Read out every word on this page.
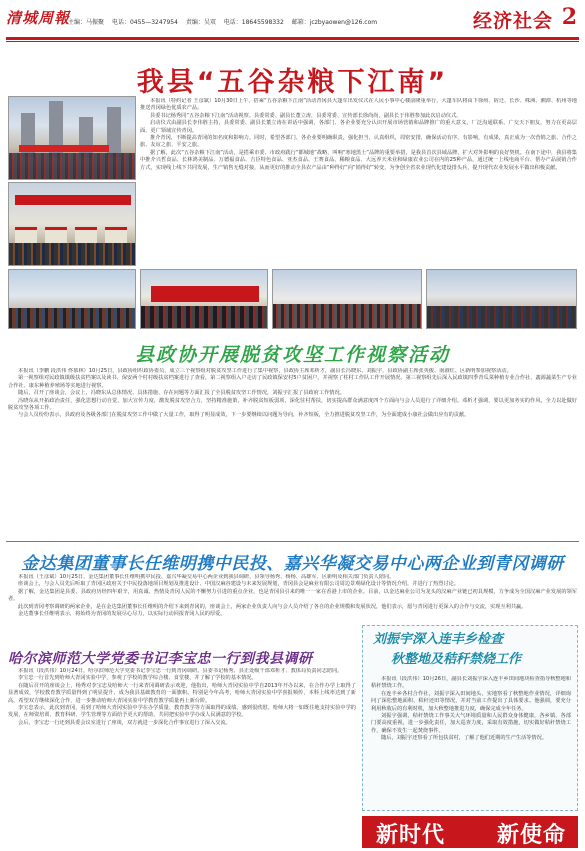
清城周報
主编：马振聚 电话：0455—3247954 责编：吴双 电话：18645598332 邮箱：jczbyaowen@126.com	经济社会 2
我县“五谷杂粮下江南”

本报讯（特约记者 王彦斌）10月30日上午，搭乘“五谷杂粮下江南”活动青冈县大篷车出发仪式在人民小事中心楼前隆重举行，大篷车队将由下徐州、宿迁、长沙、株洲、湘潭、杭州等地推送青冈绿色优质农产品。

县委书记杨秀同“五谷杂粮下江南”活动视察。县委常委、副县长董立涛，县委常委、宣传部长徐尚尚，副县长于伟胜参加此次启动仪式。

启动仪式由副县长李伟胜主持，县委常委、副县长董立涛在讲话中强调，各部门、各企业要充分认识开展市场营销和品牌推广的重大意义，厂泛沟通联系，广交天下朋友，努力在更高层面、更广领域宣传青冈。

推介青冈，不断提高青冈的知名度和影响力。同时，希望各部门、各企业要明确职责，强化担当，认真组织，周密安排，确保活动有序、有影响，有成果，真正成为一次营销之旅、合作之旅、友谊之旅、平安之旅。

据了解，此次“五谷杂粮下江南”活动，是搭乘市委、市政府践行“都城地”战略，叫响“寒地黑土”品牌的重要举措，是我县首次县域品牌、扩大对外影响的良好契机。在南下途中，我县将集中推介兴哲食品、长林鸿美制品、万德福食品、吉臣特色食品、亚杰食品、王赛食品、稀粮食品、大远养天米业和绿康农业公司在内的25种产品，通过统一上线电商平台、帮办产品展销合作方式，实现线上线下共同发展，生产销售无缝对接，从而更好的推动全县农产品由“种得好”向“销得好”转变，为争创全省农业现代化建设排头兵，提升现代农业发展水平做出积极贡献。

县政协开展脱贫攻坚工作视察活动

本报讯（李鹏 段洪伟 佟慕林）10月25日，县政协组织政协委员，成立三个视察组对脱贫攻坚工作进行了集中视察，县政协主席邓析才，副县长冯晓东、刘振宇，县政协副主席张英俊、南淑红、区新明参加视察活动。

第一视察组对民政镇镇级扶贫档案以及读书、保安两个村村级扶贫档案进行了查看，第二视察组入户走访了民政镇保安村5户贫困户，并视察了柱村工作队工作开展情况，第三视察组先后深入民政镇四季青瓜菜种植专业合作社、鑫源蔬菜生产专业合作社、康东种植养殖场等实地进行视察。

随后，召开了座谈会，会议上，冯晓东从总体情况、具体措施、存在问题等方面汇报了全县脱贫攻坚工作情况，刘振宇汇报了县政府工作情况。

冯晓东从开拓政治责任，强化思想行动自觉，加大宣传力度，激发脱贫攻坚合力，坚持精准施策，补齐脱贫短板弱项，深化驻村帮扶，切实提高群众满意度四个方面向与会人员进行了详细介绍。邓析才强调，要以更加务实的作风，全力以赴做好脱贫攻坚各项工作。

与会人员纷纷表示，县政府及各级各部门在脱贫攻坚工作中做了大量工作，取得了明显成效，下一步要继续以问题为导向，补齐短板，全力推进脱贫攻坚工作，为全面建成小康社会做出应有的贡献。

金达集团董事长任维明携中民投、嘉兴华凝交易中心两企业到青冈调研

本报讯（王彦斌）10月25日，金达集团董事长任维明携中民投、嘉兴华凝交易中心两企业到我县调研，县领导杨秀、杨杨、高雄军、区新明及相关部门负责人陪同。

座谈会上，与会人员先后听取了青冈区政府关于中民投落地项目规划及推进设计、中国汉麻谷建设与未来发展规划，青冈县会是麻业有限公司周边景观绿化设计等情况介绍，并进行了热烈讨论。

据了解，金达集团是县委、县政府历经四年艰辛，用真诚、热情及青冈人民的不懈努力引进的重点企业，也是青冈县引来的唯一一家在香港上市的企业。目前，以金达麻业公司为龙头的汉麻产业链已初具规模，力争成为全国汉麻产业发展的领军者。

此次到青冈考察调研的两家企业，是在金达集团董事长任维明的介绍下来到青冈的，座谈会上，两家企业负责人向与会人员介绍了各自的企业规模和发展状况，他们表示，愿与青冈进行更深入的合作与交流，实现互利共赢。

金达董事长任维明表示，将始终为青冈的发展尽心尽力，以实际行动回报青冈人民的厚爱。

哈尔滨师范大学党委书记李宝忠一行到我县调研

本报讯（段洪伟）10月24日，哈尔滨师范大学党委书记李宝忠一行到青冈调研。县委书记杨秀、县正处级干部邓析才、教体局负责同志陪同。

李宝忠一行首先到哈师大青冈实验中学，参观了学校的教学综合楼、食堂楼，并了解了学校的基本情况。

在随后召开的座谈会上，杨秀对李宝忠及哈师大一行来青冈调研表示欢迎，他指出，哈师大青冈实验中学自2013年开办以来，在合作办学上取得了显著成效，学校教育教学质量得到了明显提升，成为我县基础教育的一面旗帜。特别是今年高考，哈师大青冈实验中学喜报频传，本科上线率达到了新高。希望双方继续深化合作，进一步推动哈师大青冈实验中学教育教学质量再上新台阶。

李宝忠表示，此次到青冈，看到了哈师大青冈实验中学在办学质量、教育教学等方面取得的成绩，感到很欣慰。哈师大将一如既往地支持实验中学的发展，在师资培训、教育科研、学生管理等方面给予更大的帮助，共同把实验中学办成人民满意的学校。

会后，李宝忠一行还到县委会议室进行了座谈，双方就进一步深化合作事宜进行了深入交流。

刘振宇深入连丰乡检查
秋整地及秸秆禁烧工作

本报讯（段洪伟）10月26日，副县长刘振宇深入连丰乡田间地块检查指导秋整地和秸秆禁烧工作。

在连丰乡各村合作社，刘振宇深入田间地头，实地察看了秋整地作业情况，详细询问了深松整地面积、秸秆还田等情况，并对当前工作提出了具体要求。他强调，要充分利用秋收后的有利时机，加大秋整地推进力度，确保完成全年任务。

刘振宇强调，秸秆禁烧工作事关大气环境质量和人民群众身体健康，各乡镇、各部门要高度重视，进一步强化责任，加大巡查力度，采取有效措施，切实做好秸秆禁烧工作，确保不发生一起焚烧事件。

随后，刘振宇还察看了所包扶贫村，了解了他们近期的生产生活等情况。

新时代 新使命
